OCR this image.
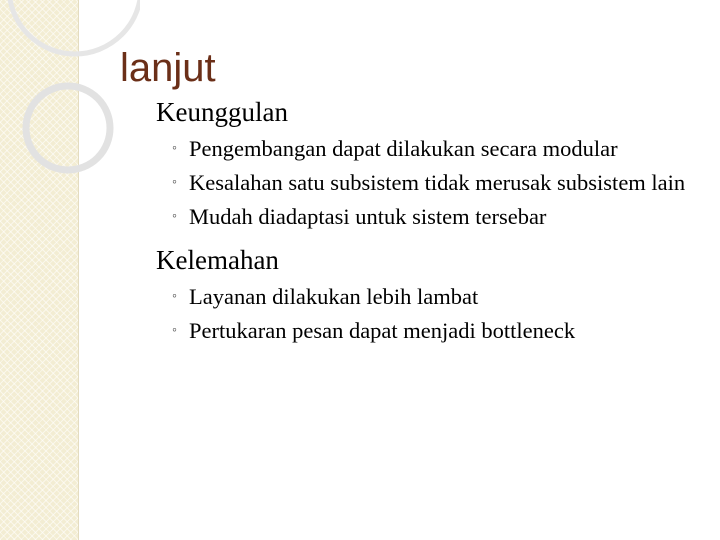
lanjut
Keunggulan
◦ Pengembangan dapat dilakukan secara modular
◦ Kesalahan satu subsistem tidak merusak subsistem lain
◦ Mudah diadaptasi untuk sistem tersebar
Kelemahan
◦ Layanan dilakukan lebih lambat
◦ Pertukaran pesan dapat menjadi bottleneck
